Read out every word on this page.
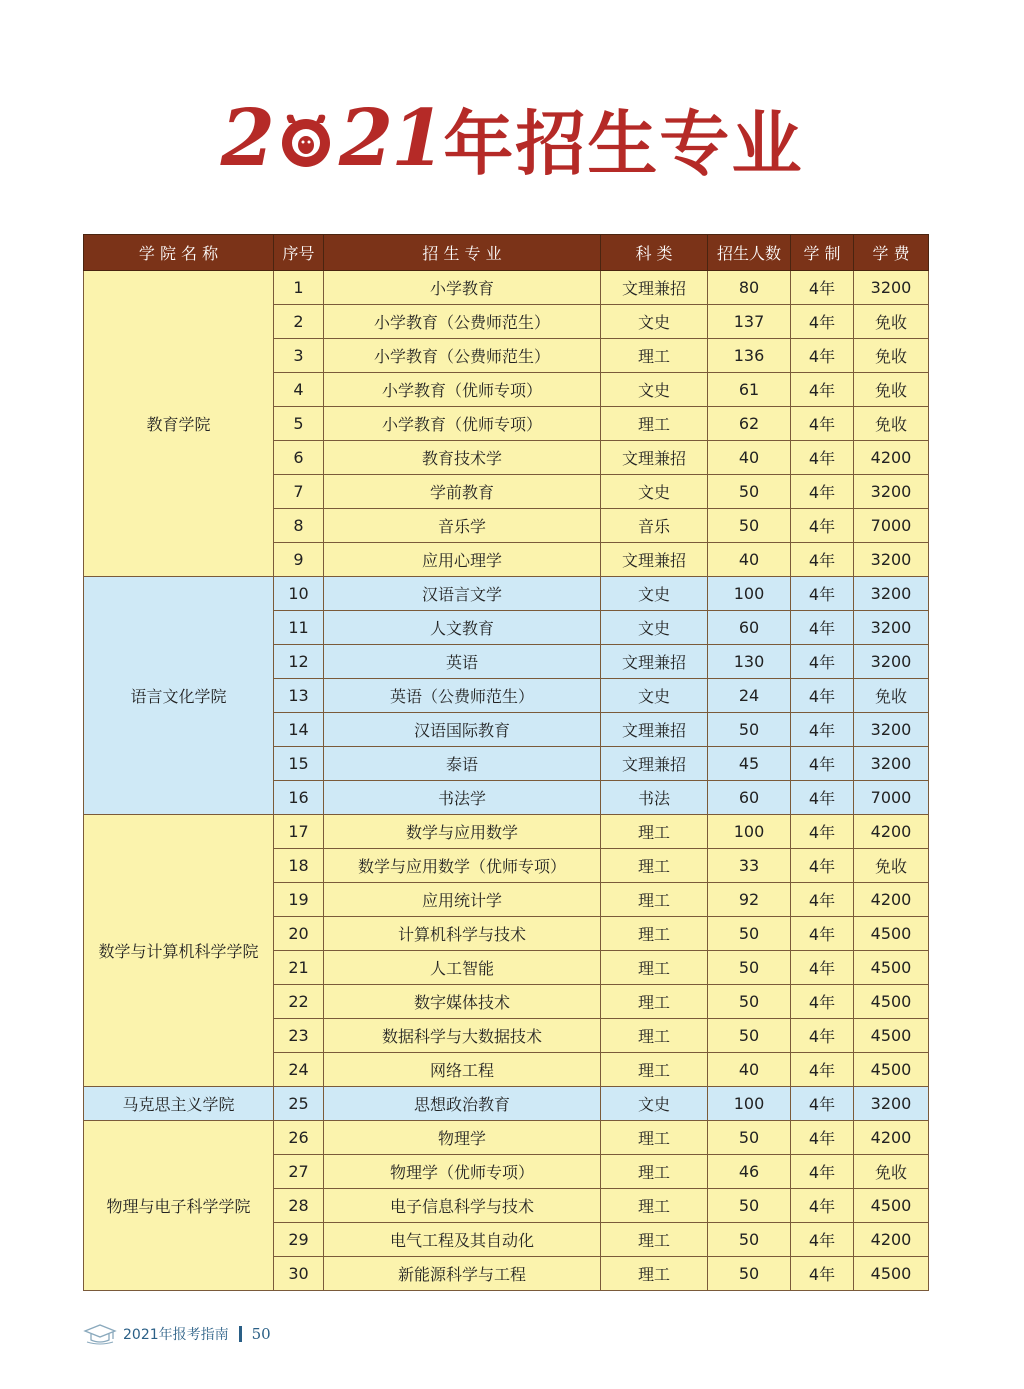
2 21 年招生专业
学 院 名 称	序号	招 生 专 业	科 类	招生人数	学 制	学 费
教育学院	1	小学教育	文理兼招	80	4年	3200
	2	小学教育（公费师范生）	文史	137	4年	免收
	3	小学教育（公费师范生）	理工	136	4年	免收
	4	小学教育（优师专项）	文史	61	4年	免收
	5	小学教育（优师专项）	理工	62	4年	免收
	6	教育技术学	文理兼招	40	4年	4200
	7	学前教育	文史	50	4年	3200
	8	音乐学	音乐	50	4年	7000
	9	应用心理学	文理兼招	40	4年	3200
语言文化学院	10	汉语言文学	文史	100	4年	3200
	11	人文教育	文史	60	4年	3200
	12	英语	文理兼招	130	4年	3200
	13	英语（公费师范生）	文史	24	4年	免收
	14	汉语国际教育	文理兼招	50	4年	3200
	15	泰语	文理兼招	45	4年	3200
	16	书法学	书法	60	4年	7000
数学与计算机科学学院	17	数学与应用数学	理工	100	4年	4200
	18	数学与应用数学（优师专项）	理工	33	4年	免收
	19	应用统计学	理工	92	4年	4200
	20	计算机科学与技术	理工	50	4年	4500
	21	人工智能	理工	50	4年	4500
	22	数字媒体技术	理工	50	4年	4500
	23	数据科学与大数据技术	理工	50	4年	4500
	24	网络工程	理工	40	4年	4500
马克思主义学院	25	思想政治教育	文史	100	4年	3200
物理与电子科学学院	26	物理学	理工	50	4年	4200
	27	物理学（优师专项）	理工	46	4年	免收
	28	电子信息科学与技术	理工	50	4年	4500
	29	电气工程及其自动化	理工	50	4年	4200
	30	新能源科学与工程	理工	50	4年	4500
2021年报考指南 50
